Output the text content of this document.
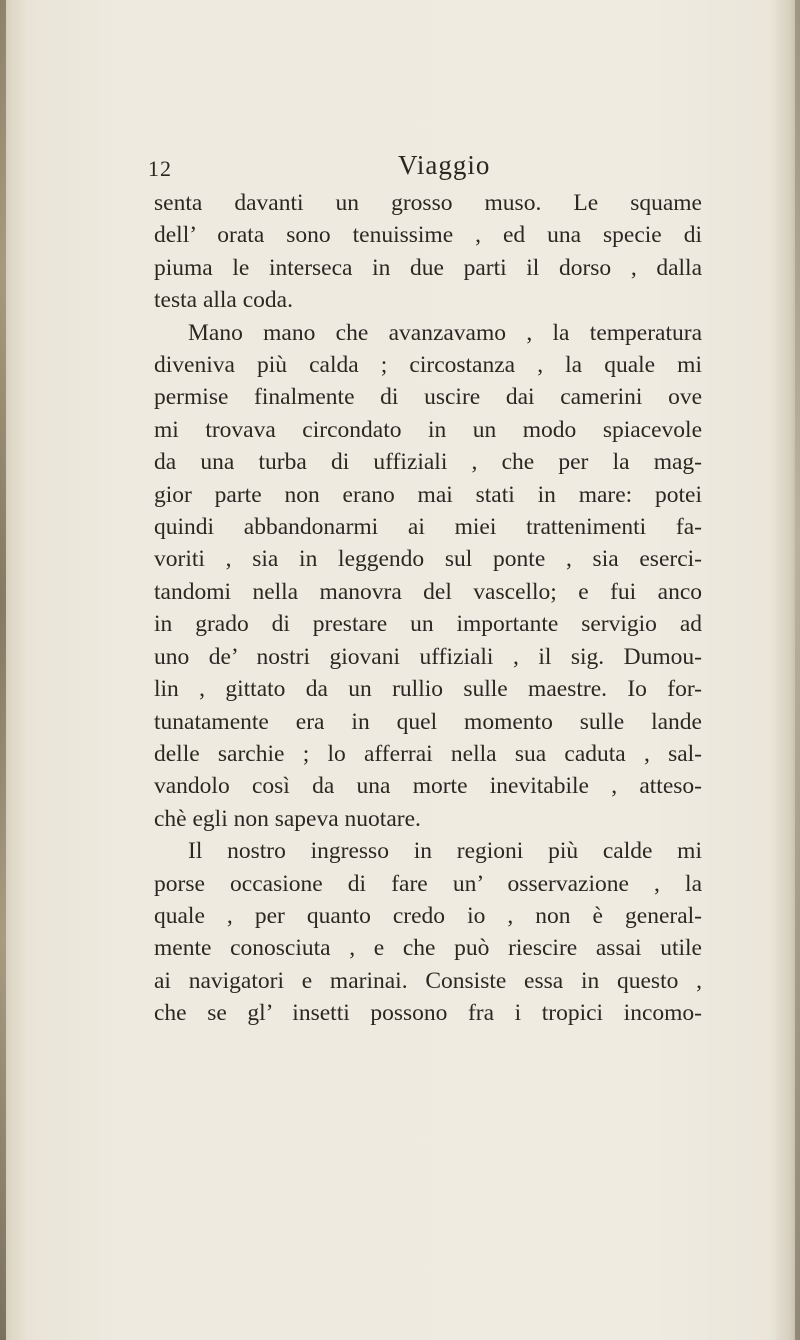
12	Viaggio
senta davanti un grosso muso. Le squame
dell’ orata sono tenuissime , ed una specie di
piuma le interseca in due parti il dorso , dalla
testa alla coda.
Mano mano che avanzavamo , la temperatura
diveniva più calda ; circostanza , la quale mi
permise finalmente di uscire dai camerini ove
mi trovava circondato in un modo spiacevole
da una turba di uffiziali , che per la mag-
gior parte non erano mai stati in mare: potei
quindi abbandonarmi ai miei trattenimenti fa-
voriti , sia in leggendo sul ponte , sia eserci-
tandomi nella manovra del vascello; e fui anco
in grado di prestare un importante servigio ad
uno de’ nostri giovani uffiziali , il sig. Dumou-
lin , gittato da un rullio sulle maestre. Io for-
tunatamente era in quel momento sulle lande
delle sarchie ; lo afferrai nella sua caduta , sal-
vandolo così da una morte inevitabile , atteso-
chè egli non sapeva nuotare.
Il nostro ingresso in regioni più calde mi
porse occasione di fare un’ osservazione , la
quale , per quanto credo io , non è general-
mente conosciuta , e che può riescire assai utile
ai navigatori e marinai. Consiste essa in questo ,
che se gl’ insetti possono fra i tropici incomo-
